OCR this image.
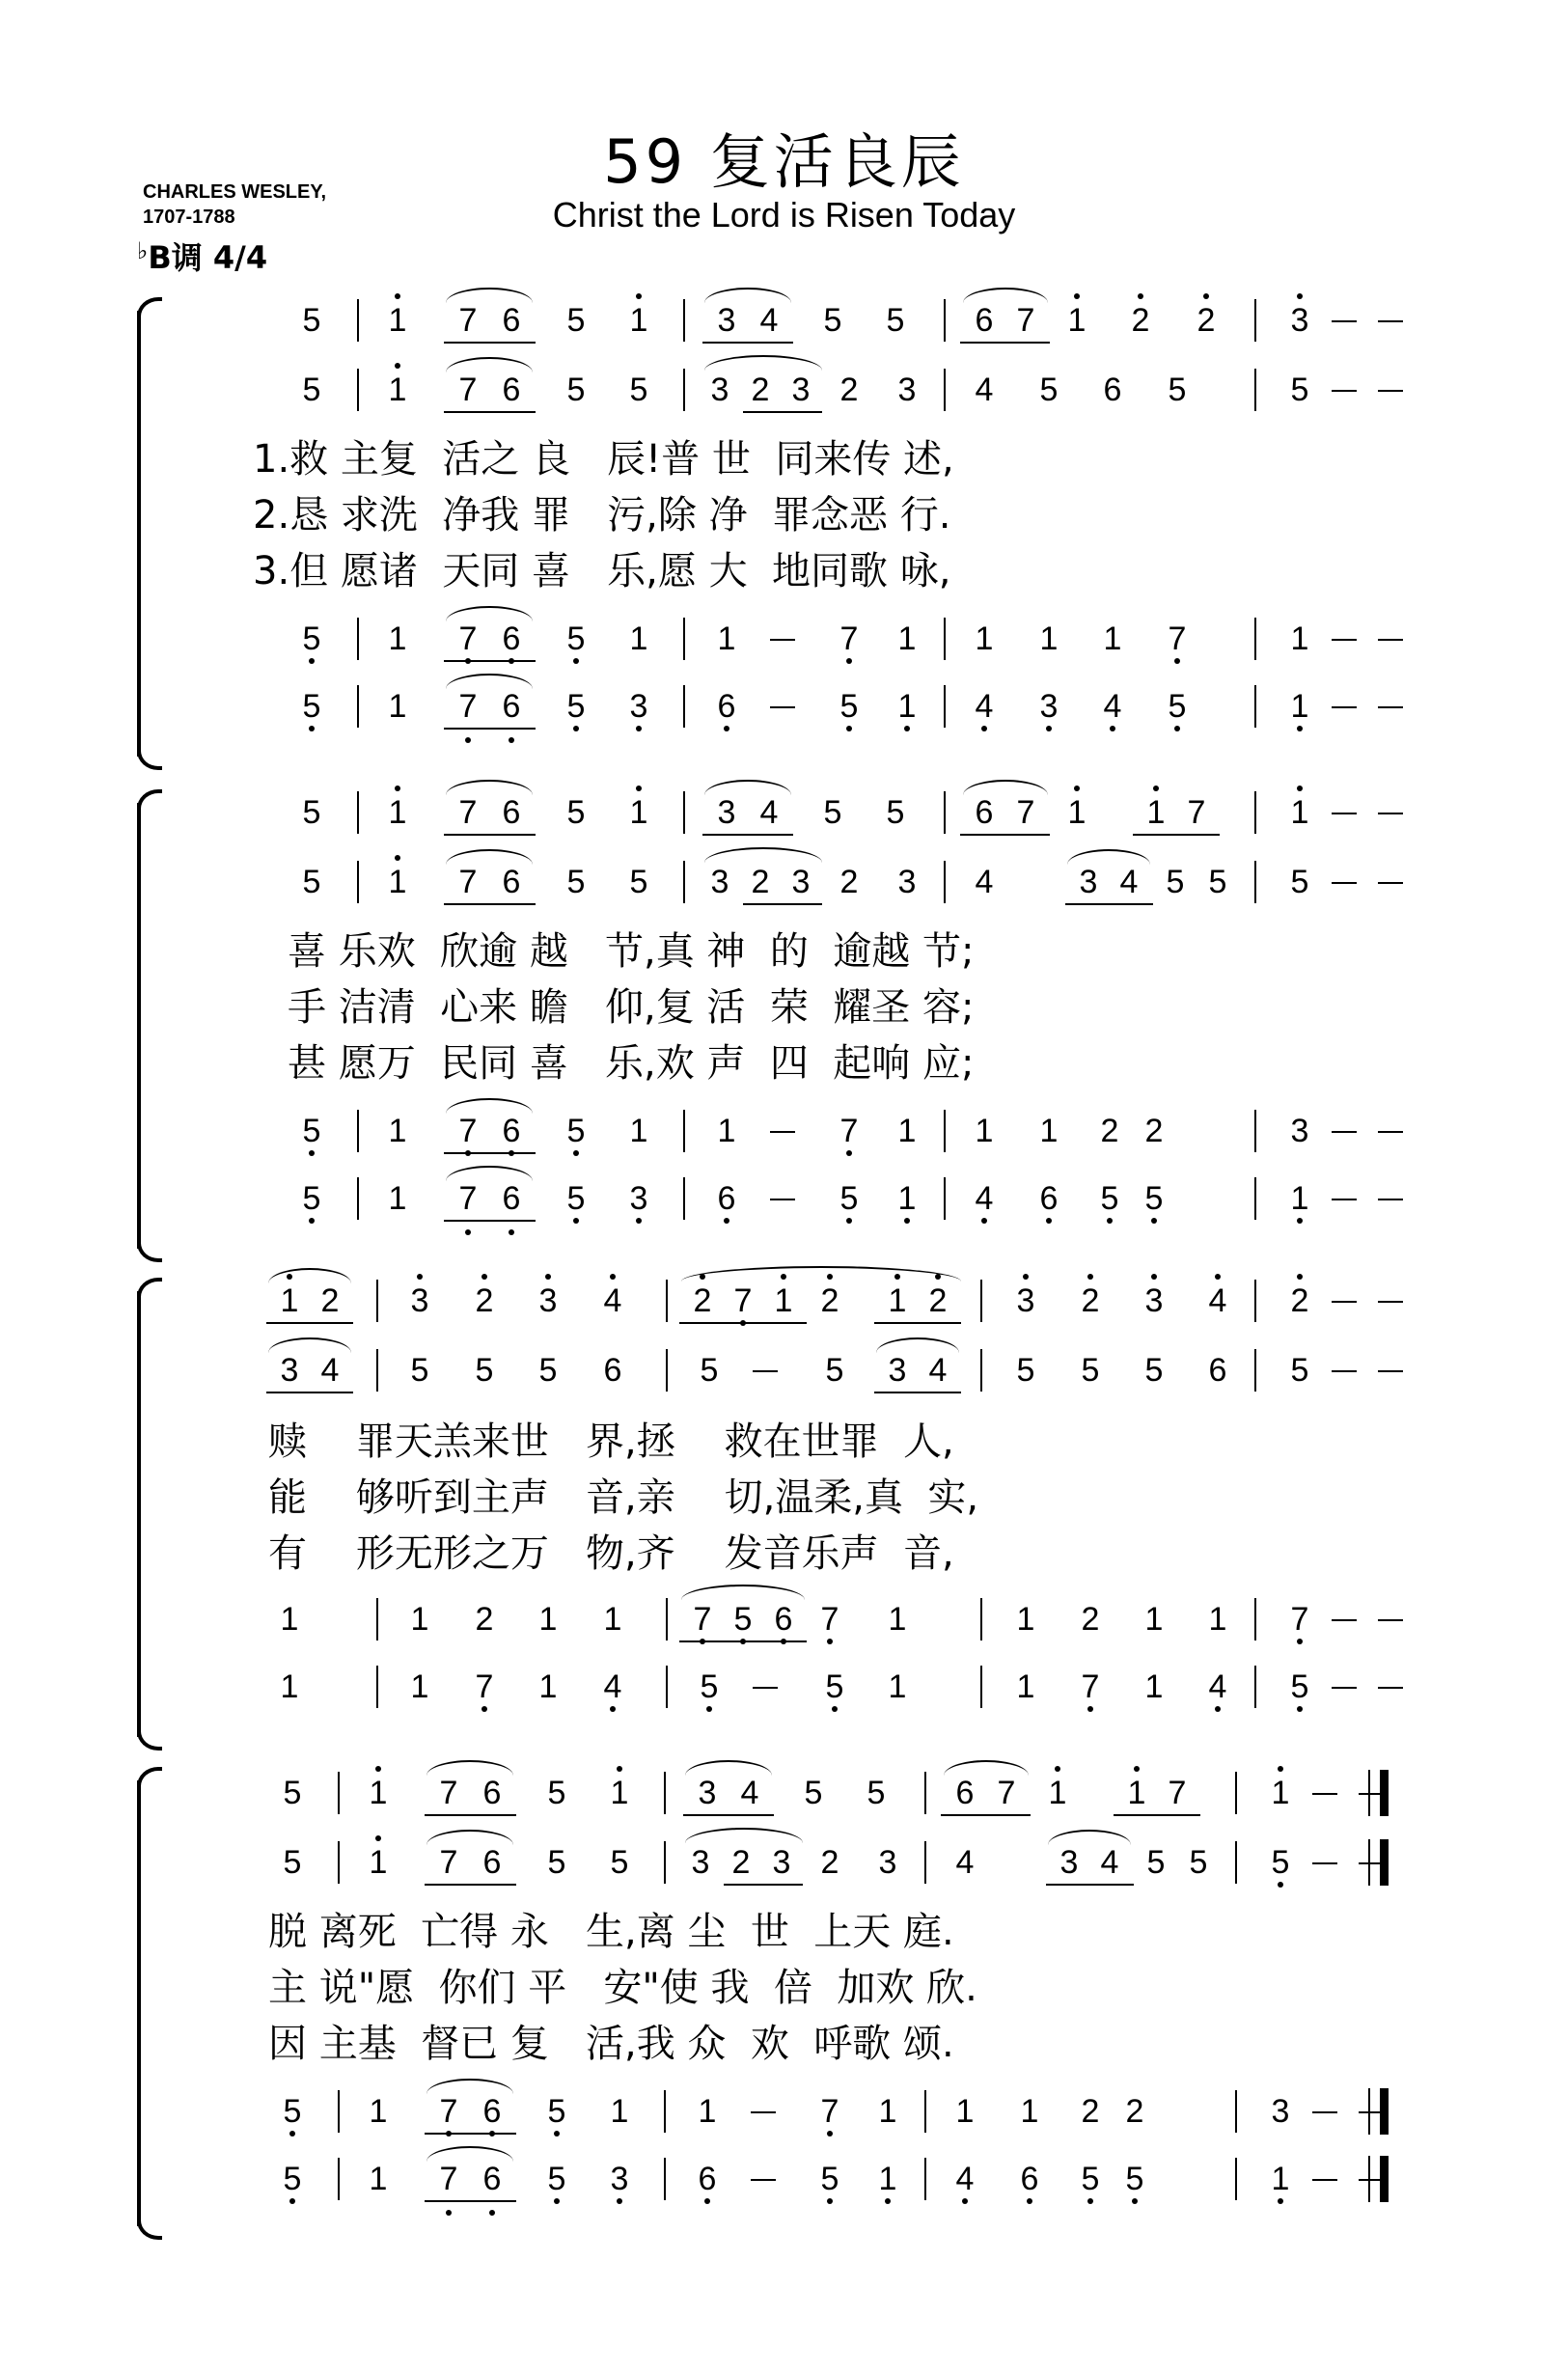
59 复活良辰
Christ the Lord is Risen Today
CHARLES WESLEY,
1707-1788
♭B调 4/4
5	1	7 6	5	1	3 4	5	5	6 7	1	2	2	3
5	1	7 6	5	5	3 2 3 2	3	4	5	6	5	5
5	1	7 6	5	1	1	7	1	1	1	1	7	1
5	1	7 6	5	3	6	5	1	4	3	4	5	1
5	1	7 6	5	1	3 4	5	5	6 7	1	1 7	1
5	1	7 6	5	5	3 2 3 2	3	4	3 4 5 5	5
5	1	7 6	5	1	1	7	1	1	1	2 2	3
5	1	7 6	5	3	6	5	1	4	6	5 5	1
5	1	7 6	5	1	3 4	5	5	6 7	1	1 7	1
5	1	7 6	5	5	3 2 3 2	3	4	3 4 5 5	5
5	1	7 6	5	1	1	7	1	1	1	2 2	3
5	1	7 6	5	3	6	5	1	4	6	5 5	1
1 2	3	2	3	4	2 7 1 2	1 2	3	2	3	4	2
3 4	5	5	5	6	5	5	3 4	5	5	5	6	5
1	1	2	1	1	7 5 6 7	1	1	2	1	1	7
1	1	7	1	4	5	5	1	1	7	1	4	5
1.救 主复  活之 良   辰!普 世  同来传 述,
2.恳 求洗  净我 罪   污,除 净  罪念恶 行.
3.但 愿诸  天同 喜   乐,愿 大  地同歌 咏,
喜 乐欢  欣逾 越   节,真 神  的  逾越 节;
手 洁清  心来 瞻   仰,复 活  荣  耀圣 容;
甚 愿万  民同 喜   乐,欢 声  四  起响 应;
赎    罪天羔来世   界,拯    救在世罪  人,
能    够听到主声   音,亲    切,温柔,真  实,
有    形无形之万   物,齐    发音乐声  音,
脱 离死  亡得 永   生,离 尘  世  上天 庭.
主 说"愿  你们 平   安"使 我  倍  加欢 欣.
因 主基  督已 复   活,我 众  欢  呼歌 颂.
